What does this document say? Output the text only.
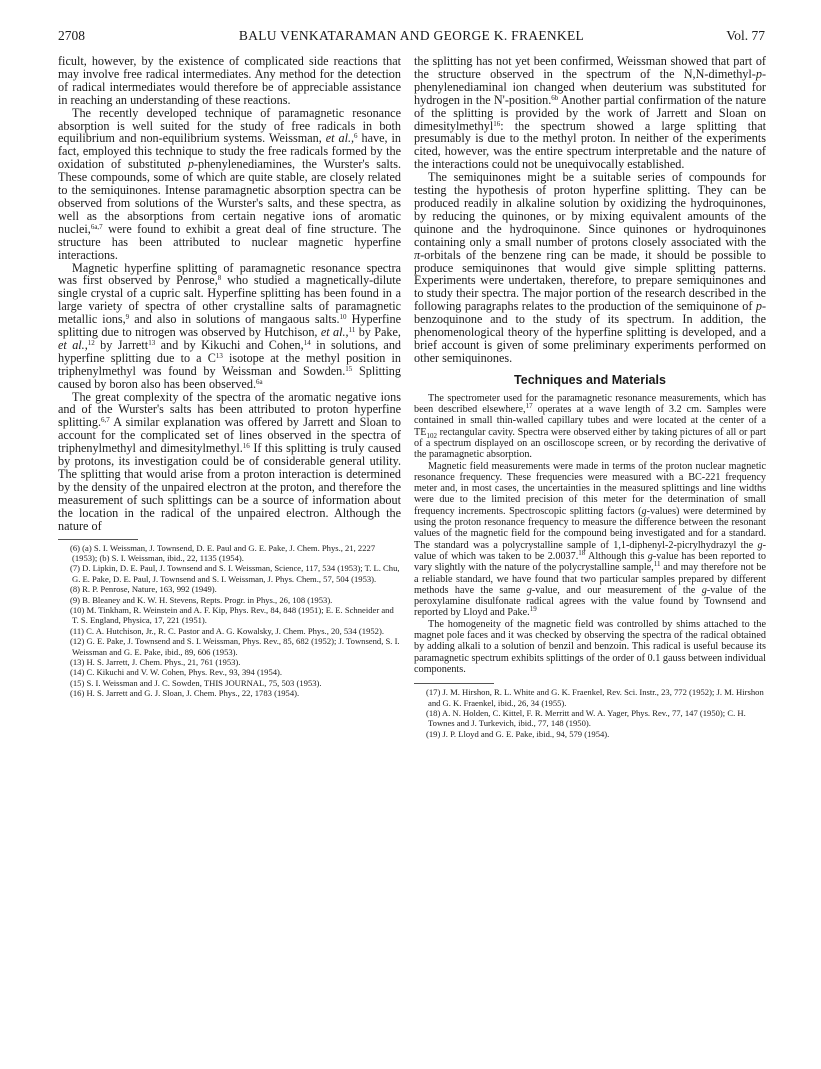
2708	BALU VENKATARAMAN AND GEORGE K. FRAENKEL	Vol. 77

ficult, however, by the existence of complicated side reactions that may involve free radical intermediates. Any method for the detection of radical intermediates would therefore be of appreciable assistance in reaching an understanding of these reactions.

The recently developed technique of paramagnetic resonance absorption is well suited for the study of free radicals in both equilibrium and non-equilibrium systems. Weissman, et al.,$^6$ have, in fact, employed this technique to study the free radicals formed by the oxidation of substituted p-phenylenediamines, the Wurster's salts. These compounds, some of which are quite stable, are closely related to the semiquinones. Intense paramagnetic absorption spectra can be observed from solutions of the Wurster's salts, and these spectra, as well as the absorptions from certain negative ions of aromatic nuclei,$^{6a,7}$ were found to exhibit a great deal of fine structure. The structure has been attributed to nuclear magnetic hyperfine interactions.

Magnetic hyperfine splitting of paramagnetic resonance spectra was first observed by Penrose,$^8$ who studied a magnetically-dilute single crystal of a cupric salt. Hyperfine splitting has been found in a large variety of spectra of other crystalline salts of paramagnetic metallic ions,$^9$ and also in solutions of mangaous salts.$^{10}$ Hyperfine splitting due to nitrogen was observed by Hutchison, et al.,$^{11}$ by Pake, et al.,$^{12}$ by Jarrett$^{13}$ and by Kikuchi and Cohen,$^{14}$ in solutions, and hyperfine splitting due to a $C^{13}$ isotope at the methyl position in triphenylmethyl was found by Weissman and Sowden.$^{15}$ Splitting caused by boron also has been observed.$^{6a}$

The great complexity of the spectra of the aromatic negative ions and of the Wurster's salts has been attributed to proton hyperfine splitting.$^{6,7}$ A similar explanation was offered by Jarrett and Sloan to account for the complicated set of lines observed in the spectra of triphenylmethyl and dimesitylmethyl.$^{16}$ If this splitting is truly caused by protons, its investigation could be of considerable general utility. The splitting that would arise from a proton interaction is determined by the density of the unpaired electron at the proton, and therefore the measurement of such splittings can be a source of information about the location in the radical of the unpaired electron. Although the nature of

(6) (a) S. I. Weissman, J. Townsend, D. E. Paul and G. E. Pake, J. Chem. Phys., 21, 2227 (1953); (b) S. I. Weissman, ibid., 22, 1135 (1954).

(7) D. Lipkin, D. E. Paul, J. Townsend and S. I. Weissman, Science, 117, 534 (1953); T. L. Chu, G. E. Pake, D. E. Paul, J. Townsend and S. I. Weissman, J. Phys. Chem., 57, 504 (1953).

(8) R. P. Penrose, Nature, 163, 992 (1949).

(9) B. Bleaney and K. W. H. Stevens, Repts. Progr. in Phys., 26, 108 (1953).

(10) M. Tinkham, R. Weinstein and A. F. Kip, Phys. Rev., 84, 848 (1951); E. E. Schneider and T. S. England, Physica, 17, 221 (1951).

(11) C. A. Hutchison, Jr., R. C. Pastor and A. G. Kowalsky, J. Chem. Phys., 20, 534 (1952).

(12) G. E. Pake, J. Townsend and S. I. Weissman, Phys. Rev., 85, 682 (1952); J. Townsend, S. I. Weissman and G. E. Pake, ibid., 89, 606 (1953).

(13) H. S. Jarrett, J. Chem. Phys., 21, 761 (1953).

(14) C. Kikuchi and V. W. Cohen, Phys. Rev., 93, 394 (1954).

(15) S. I. Weissman and J. C. Sowden, THIS JOURNAL, 75, 503 (1953).

(16) H. S. Jarrett and G. J. Sloan, J. Chem. Phys., 22, 1783 (1954).

the splitting has not yet been confirmed, Weissman showed that part of the structure observed in the spectrum of the N,N-dimethyl-p-phenylenediaminal ion changed when deuterium was substituted for hydrogen in the N'-position.$^{6b}$ Another partial confirmation of the nature of the splitting is provided by the work of Jarrett and Sloan on dimesitylmethyl$^{16}$: the spectrum showed a large splitting that presumably is due to the methyl proton. In neither of the experiments cited, however, was the entire spectrum interpretable and the nature of the interactions could not be unequivocally established.

The semiquinones might be a suitable series of compounds for testing the hypothesis of proton hyperfine splitting. They can be produced readily in alkaline solution by oxidizing the hydroquinones, by reducing the quinones, or by mixing equivalent amounts of the quinone and the hydroquinone. Since quinones or hydroquinones containing only a small number of protons closely associated with the π-orbitals of the benzene ring can be made, it should be possible to produce semiquinones that would give simple splitting patterns. Experiments were undertaken, therefore, to prepare semiquinones and to study their spectra. The major portion of the research described in the following paragraphs relates to the production of the semiquinone of p-benzoquinone and to the study of its spectrum. In addition, the phenomenological theory of the hyperfine splitting is developed, and a brief account is given of some preliminary experiments performed on other semiquinones.

Techniques and Materials

The spectrometer used for the paramagnetic resonance measurements, which has been described elsewhere,$^{17}$ operates at a wave length of 3.2 cm. Samples were contained in small thin-walled capillary tubes and were located at the center of a $TE_{102}$ rectangular cavity. Spectra were observed either by taking pictures of all or part of a spectrum displayed on an oscilloscope screen, or by recording the derivative of the paramagnetic absorption.

Magnetic field measurements were made in terms of the proton nuclear magnetic resonance frequency. These frequencies were measured with a BC-221 frequency meter and, in most cases, the uncertainties in the measured splittings and line widths were due to the limited precision of this meter for the determination of small frequency increments. Spectroscopic splitting factors (g-values) were determined by using the proton resonance frequency to measure the difference between the resonant values of the magnetic field for the compound being investigated and for a standard. The standard was a polycrystalline sample of 1,1-diphenyl-2-picrylhydrazyl the g-value of which was taken to be 2.0037.18 Although this g-value has been reported to vary slightly with the nature of the polycrystalline sample,$^{11}$ and may therefore not be a reliable standard, we have found that two particular samples prepared by different methods have the same g-value, and our measurement of the g-value of the peroxylamine disulfonate radical agrees with the value found by Townsend and reported by Lloyd and Pake.$^{19}$

The homogeneity of the magnetic field was controlled by shims attached to the magnet pole faces and it was checked by observing the spectra of the radical obtained by adding alkali to a solution of benzil and benzoin. This radical is useful because its paramagnetic spectrum exhibits splittings of the order of 0.1 gauss between individual components.

(17) J. M. Hirshon, R. L. White and G. K. Fraenkel, Rev. Sci. Instr., 23, 772 (1952); J. M. Hirshon and G. K. Fraenkel, ibid., 26, 34 (1955).

(18) A. N. Holden, C. Kittel, F. R. Merritt and W. A. Yager, Phys. Rev., 77, 147 (1950); C. H. Townes and J. Turkevich, ibid., 77, 148 (1950).

(19) J. P. Lloyd and G. E. Pake, ibid., 94, 579 (1954).
